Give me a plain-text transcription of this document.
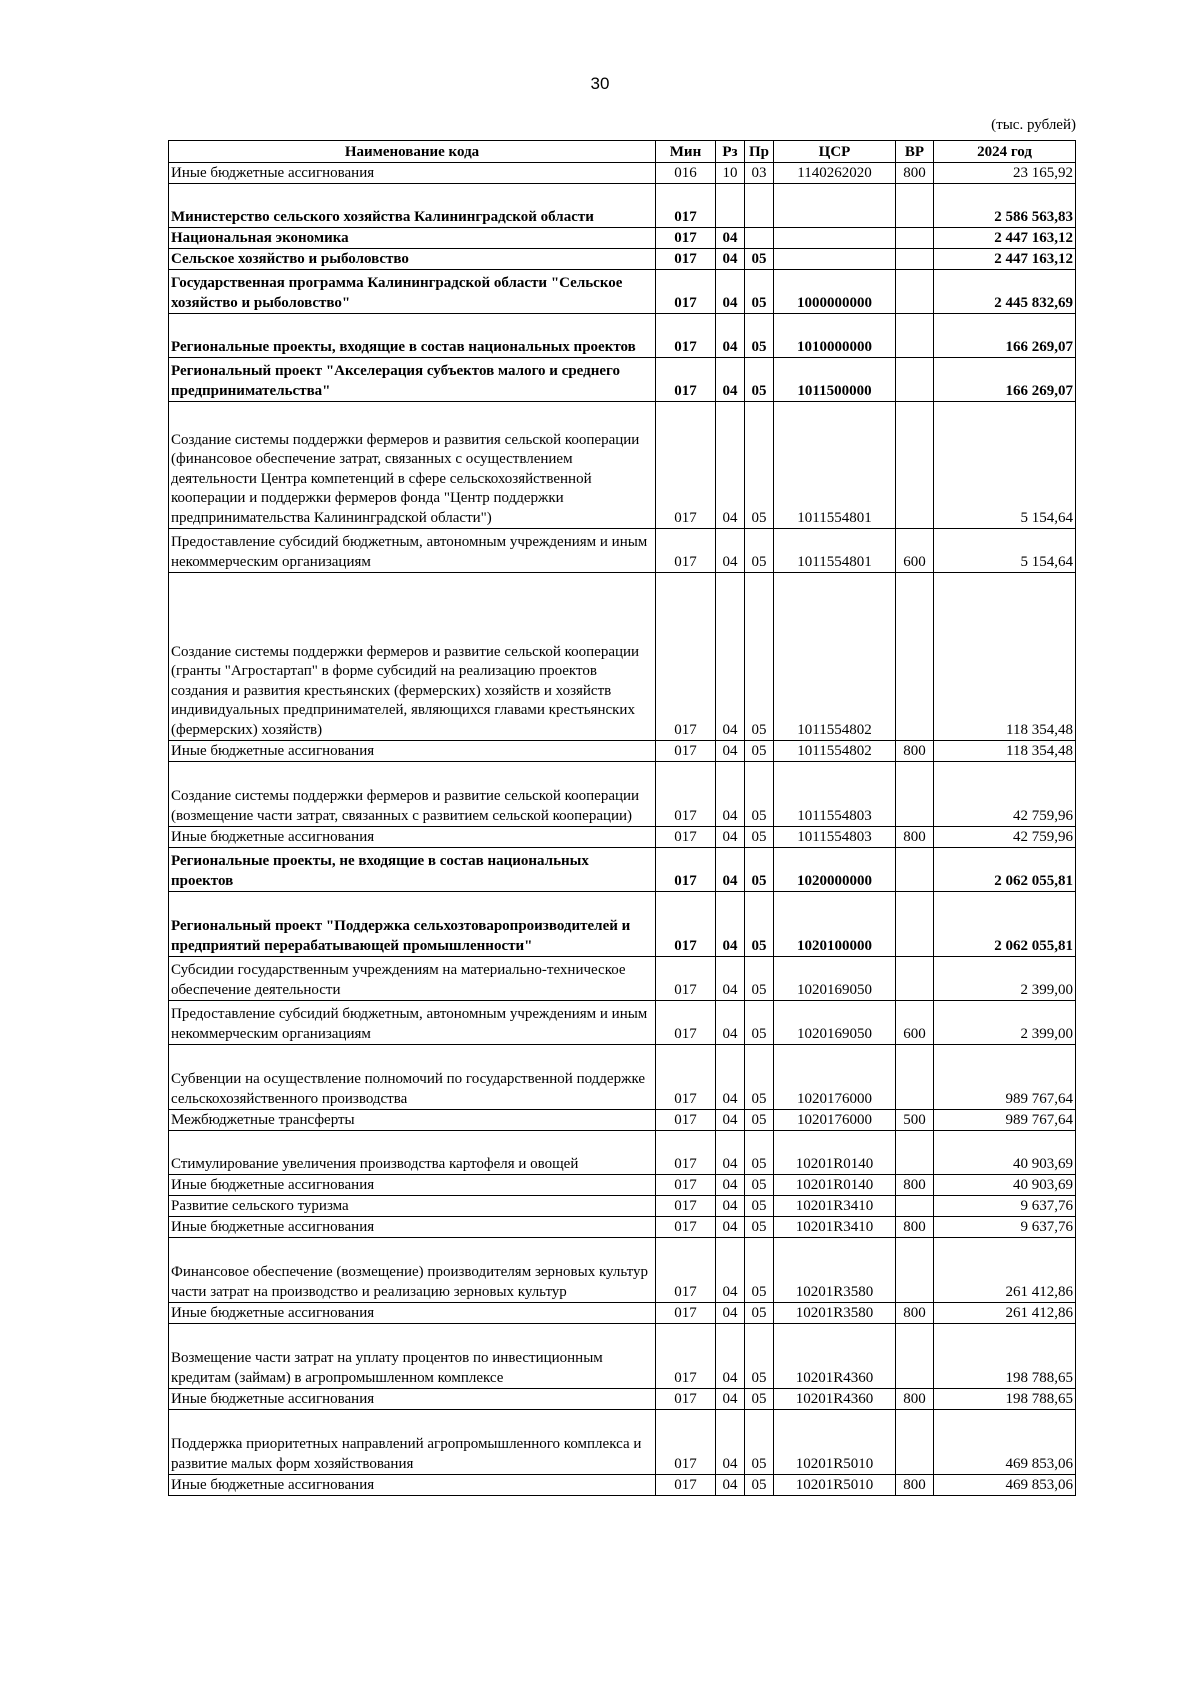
30
(тыс. рублей)
Наименование кода	Мин	Рз	Пр	ЦСР	ВР	2024 год
Иные бюджетные ассигнования	016	10	03	1140262020	800	23 165,92
Министерство сельского хозяйства Калининградской области	017					2 586 563,83
Национальная экономика	017	04				2 447 163,12
Сельское хозяйство и рыболовство	017	04	05			2 447 163,12
Государственная программа Калининградской области "Сельское хозяйство и рыболовство"	017	04	05	1000000000		2 445 832,69
Региональные проекты, входящие в состав национальных проектов	017	04	05	1010000000		166 269,07
Региональный проект "Акселерация субъектов малого и среднего предпринимательства"	017	04	05	1011500000		166 269,07
Создание системы поддержки фермеров и развития сельской кооперации (финансовое обеспечение затрат, связанных с осуществлением деятельности Центра компетенций в сфере сельскохозяйственной кооперации и поддержки фермеров фонда "Центр поддержки предпринимательства Калининградской области")	017	04	05	1011554801		5 154,64
Предоставление субсидий бюджетным, автономным учреждениям и иным некоммерческим организациям	017	04	05	1011554801	600	5 154,64
Создание системы поддержки фермеров и развитие сельской кооперации (гранты "Агростартап" в форме субсидий на реализацию проектов создания и развития крестьянских (фермерских) хозяйств и хозяйств индивидуальных предпринимателей, являющихся главами крестьянских (фермерских) хозяйств)	017	04	05	1011554802		118 354,48
Иные бюджетные ассигнования	017	04	05	1011554802	800	118 354,48
Создание системы поддержки фермеров и развитие сельской кооперации (возмещение части затрат, связанных с развитием сельской кооперации)	017	04	05	1011554803		42 759,96
Иные бюджетные ассигнования	017	04	05	1011554803	800	42 759,96
Региональные проекты, не входящие в состав национальных проектов	017	04	05	1020000000		2 062 055,81
Региональный проект "Поддержка сельхозтоваропроизводителей и предприятий перерабатывающей промышленности"	017	04	05	1020100000		2 062 055,81
Субсидии государственным учреждениям на материально-техническое обеспечение деятельности	017	04	05	1020169050		2 399,00
Предоставление субсидий бюджетным, автономным учреждениям и иным некоммерческим организациям	017	04	05	1020169050	600	2 399,00
Субвенции на осуществление полномочий по государственной поддержке сельскохозяйственного производства	017	04	05	1020176000		989 767,64
Межбюджетные трансферты	017	04	05	1020176000	500	989 767,64
Стимулирование увеличения производства картофеля и овощей	017	04	05	10201R0140		40 903,69
Иные бюджетные ассигнования	017	04	05	10201R0140	800	40 903,69
Развитие сельского туризма	017	04	05	10201R3410		9 637,76
Иные бюджетные ассигнования	017	04	05	10201R3410	800	9 637,76
Финансовое обеспечение (возмещение) производителям зерновых культур части затрат на производство и реализацию зерновых культур	017	04	05	10201R3580		261 412,86
Иные бюджетные ассигнования	017	04	05	10201R3580	800	261 412,86
Возмещение части затрат на уплату процентов по инвестиционным кредитам (займам) в агропромышленном комплексе	017	04	05	10201R4360		198 788,65
Иные бюджетные ассигнования	017	04	05	10201R4360	800	198 788,65
Поддержка приоритетных направлений агропромышленного комплекса и развитие малых форм хозяйствования	017	04	05	10201R5010		469 853,06
Иные бюджетные ассигнования	017	04	05	10201R5010	800	469 853,06
